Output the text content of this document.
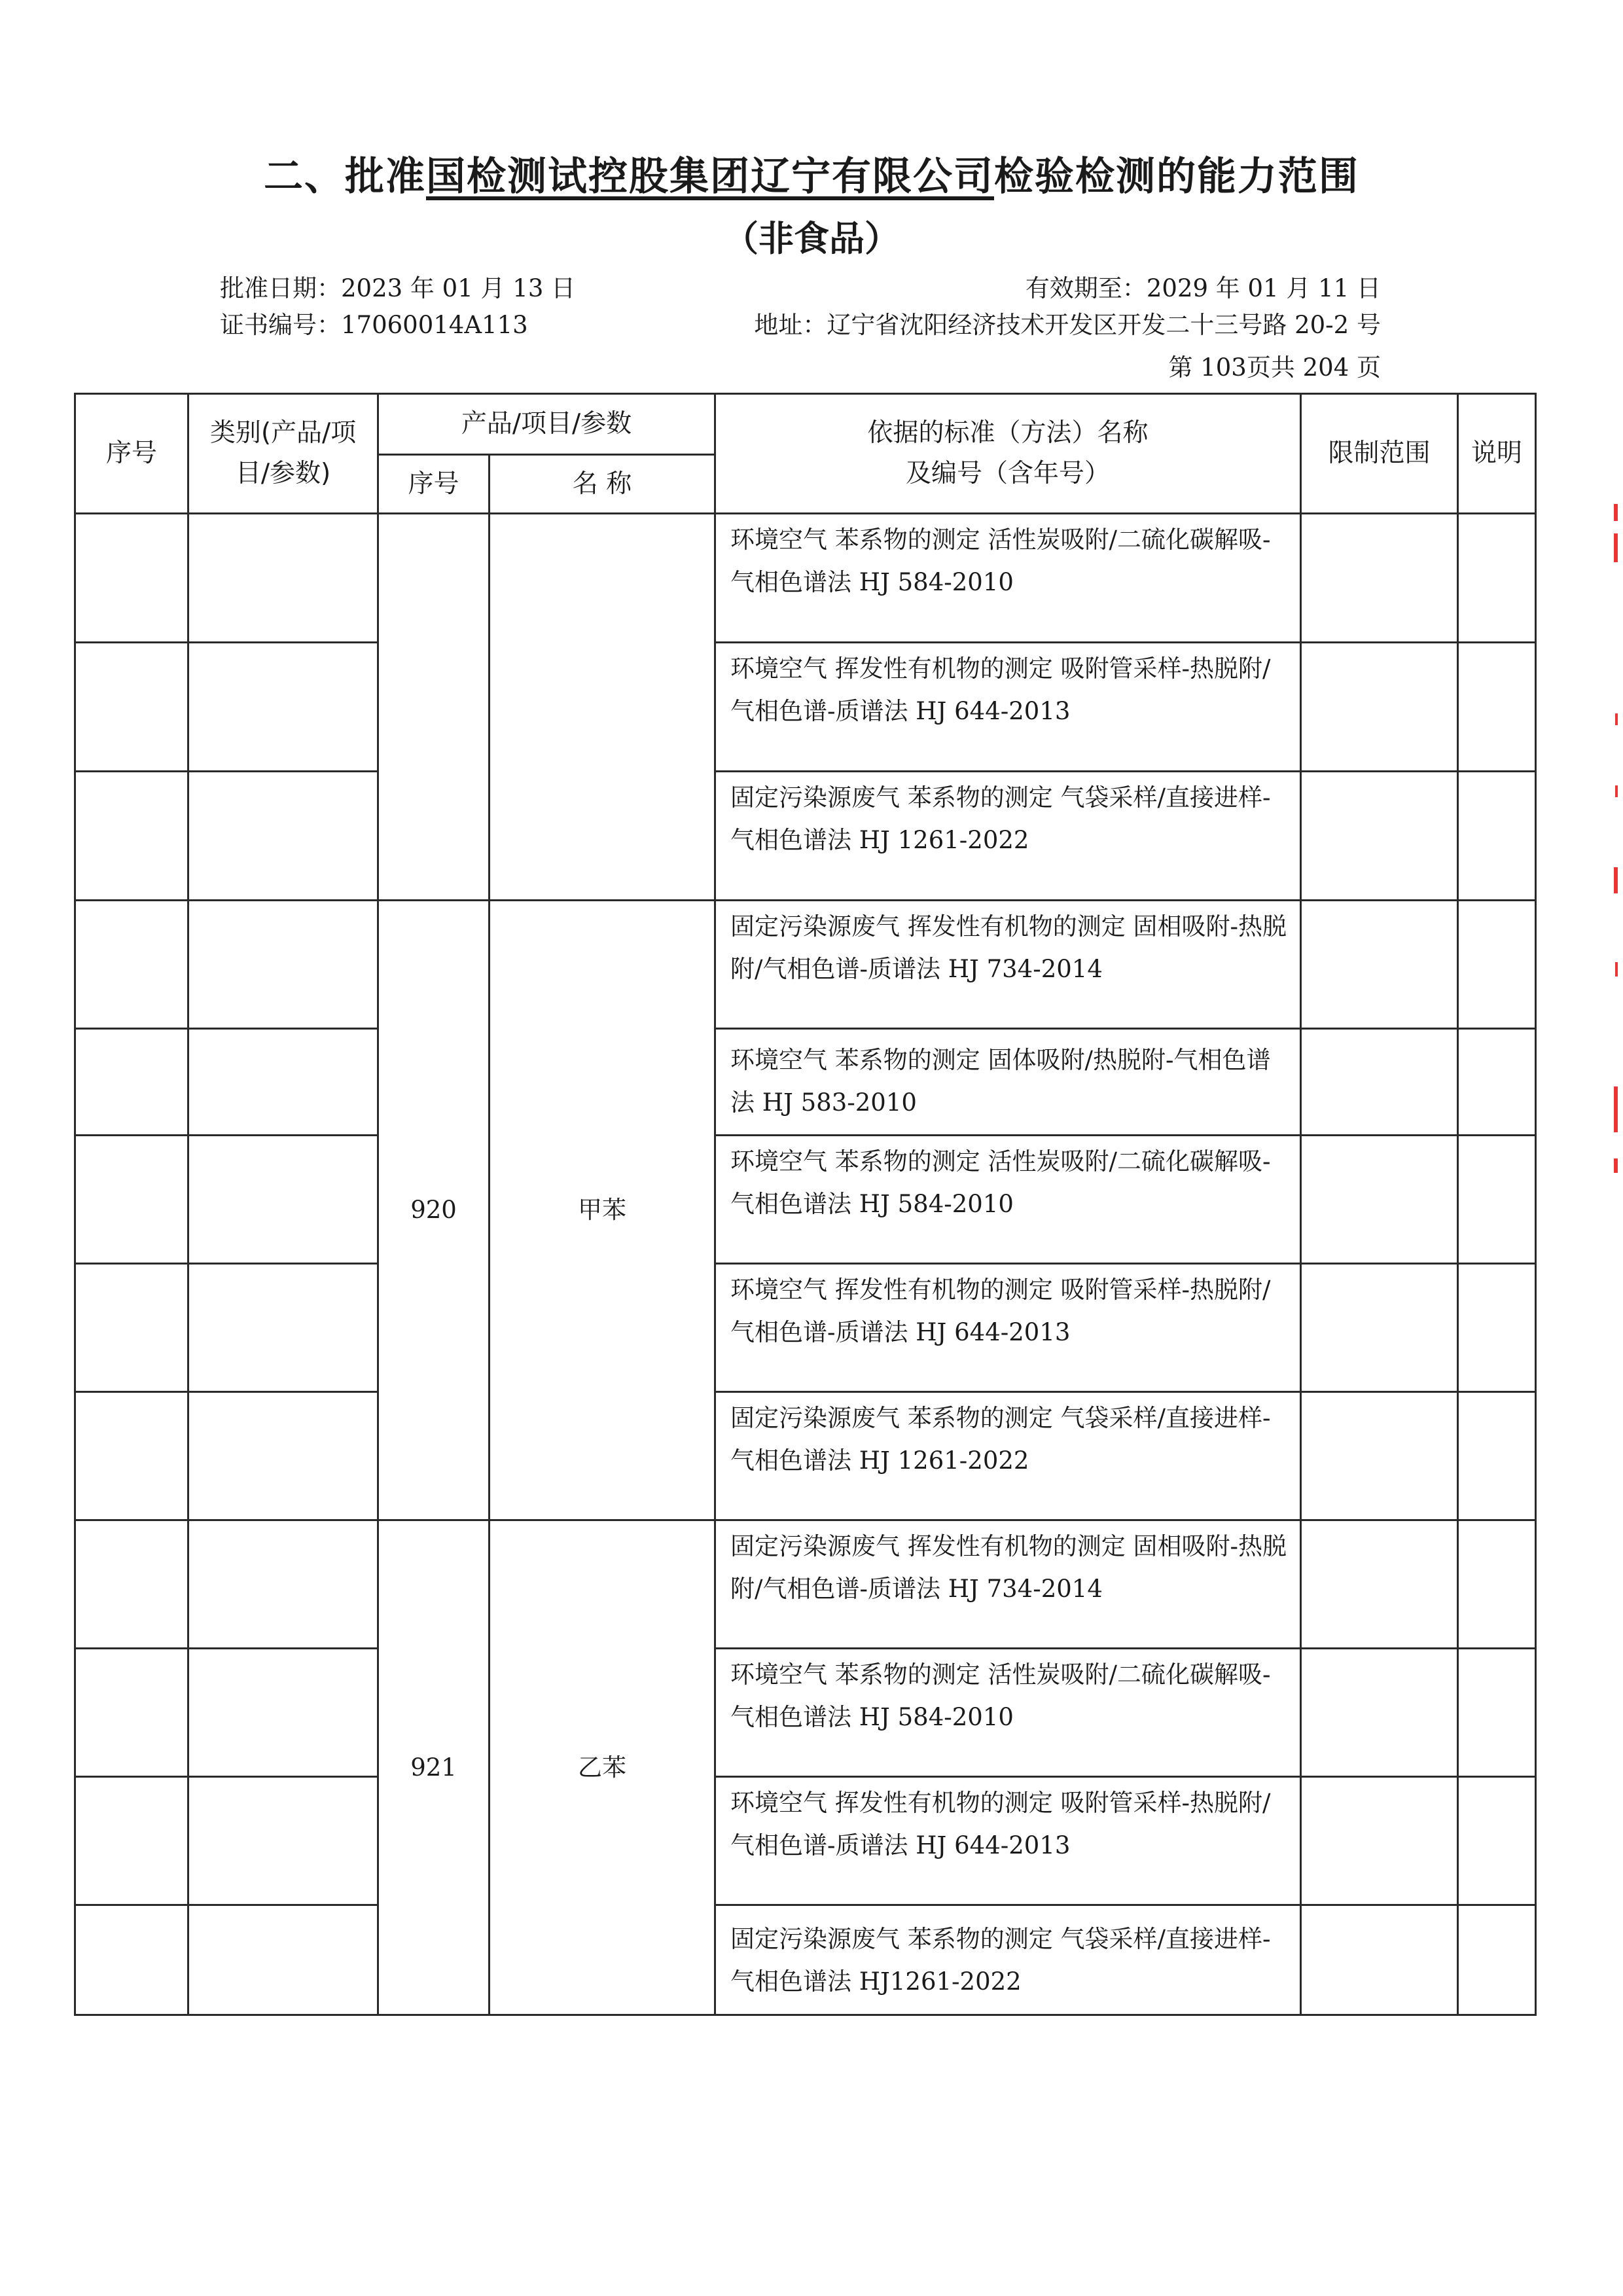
二、批准国检测试控股集团辽宁有限公司检验检测的能力范围
（非食品）
批准日期：2023 年 01 月 13 日	有效期至：2029 年 01 月 11 日
证书编号：17060014A113	地址：辽宁省沈阳经济技术开发区开发二十三号路 20-2 号
第 103页共 204 页
序号	类别(产品/项目/参数)	产品/项目/参数		依据的标准（方法）名称
及编号（含年号）	限制范围	说明
		序号	名 称			
				环境空气 苯系物的测定 活性炭吸附/二硫化碳解吸-气相色谱法 HJ 584-2010		
				环境空气 挥发性有机物的测定 吸附管采样-热脱附/气相色谱-质谱法 HJ 644-2013		
				固定污染源废气 苯系物的测定 气袋采样/直接进样-气相色谱法 HJ 1261-2022		
		920	甲苯	固定污染源废气 挥发性有机物的测定 固相吸附-热脱附/气相色谱-质谱法 HJ 734-2014		
				环境空气 苯系物的测定 固体吸附/热脱附-气相色谱法 HJ 583-2010		
				环境空气 苯系物的测定 活性炭吸附/二硫化碳解吸-气相色谱法 HJ 584-2010		
				环境空气 挥发性有机物的测定 吸附管采样-热脱附/气相色谱-质谱法 HJ 644-2013		
				固定污染源废气 苯系物的测定 气袋采样/直接进样-气相色谱法 HJ 1261-2022		
		921	乙苯	固定污染源废气 挥发性有机物的测定 固相吸附-热脱附/气相色谱-质谱法 HJ 734-2014		
				环境空气 苯系物的测定 活性炭吸附/二硫化碳解吸-气相色谱法 HJ 584-2010		
				环境空气 挥发性有机物的测定 吸附管采样-热脱附/气相色谱-质谱法 HJ 644-2013		
				固定污染源废气 苯系物的测定 气袋采样/直接进样-气相色谱法 HJ1261-2022		
